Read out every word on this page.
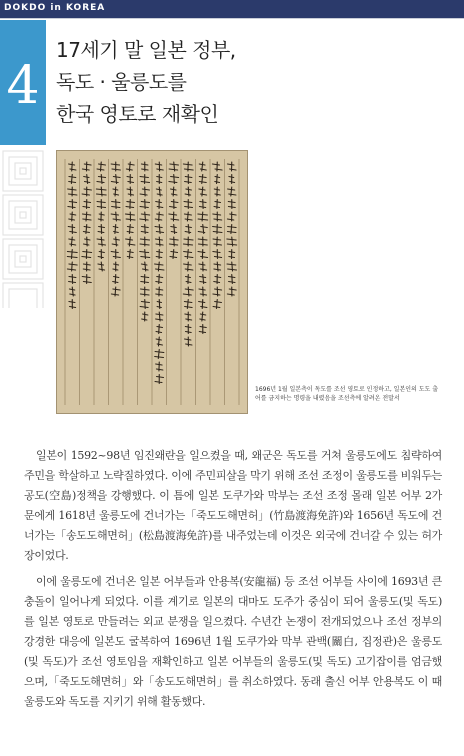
DOKDO in KOREA
4
17세기 말 일본 정부,
독도 · 울릉도를
한국 영토로 재확인
1696년 1월 일본측이 독도를 조선 영토로 인정하고, 일본인의 도도 출어를 금지하는 명령을 내렸음을 조선측에 알려온 전말서

일본이 1592~98년 임진왜란을 일으켰을 때, 왜군은 독도를 거쳐 울릉도에도 침략하여 주민을 학살하고 노략질하였다. 이에 주민피살을 막기 위해 조선 조정이 울릉도를 비워두는 공도(空島)정책을 강행했다. 이 틈에 일본 도쿠가와 막부는 조선 조정 몰래 일본 어부 2가문에게 1618년 울릉도에 건너가는「죽도도해면허」(竹島渡海免許)와 1656년 독도에 건너가는「송도도해면허」(松島渡海免許)를 내주었는데 이것은 외국에 건너갈 수 있는 허가장이었다.

이에 울릉도에 건너온 일본 어부들과 안용복(安龍福) 등 조선 어부들 사이에 1693년 큰 충돌이 일어나게 되었다. 이를 계기로 일본의 대마도 도주가 중심이 되어 울릉도(및 독도)를 일본 영토로 만들려는 외교 분쟁을 일으켰다. 수년간 논쟁이 전개되었으나 조선 정부의 강경한 대응에 일본도 굴복하여 1696년 1월 도쿠가와 막부 관백(關白, 집정관)은 울릉도(및 독도)가 조선 영토임을 재확인하고 일본 어부들의 울릉도(및 독도) 고기잡이를 엄금했으며,「죽도도해면허」와「송도도해면허」를 취소하였다. 동래 출신 어부 안용복도 이 때 울릉도와 독도를 지키기 위해 활동했다.
